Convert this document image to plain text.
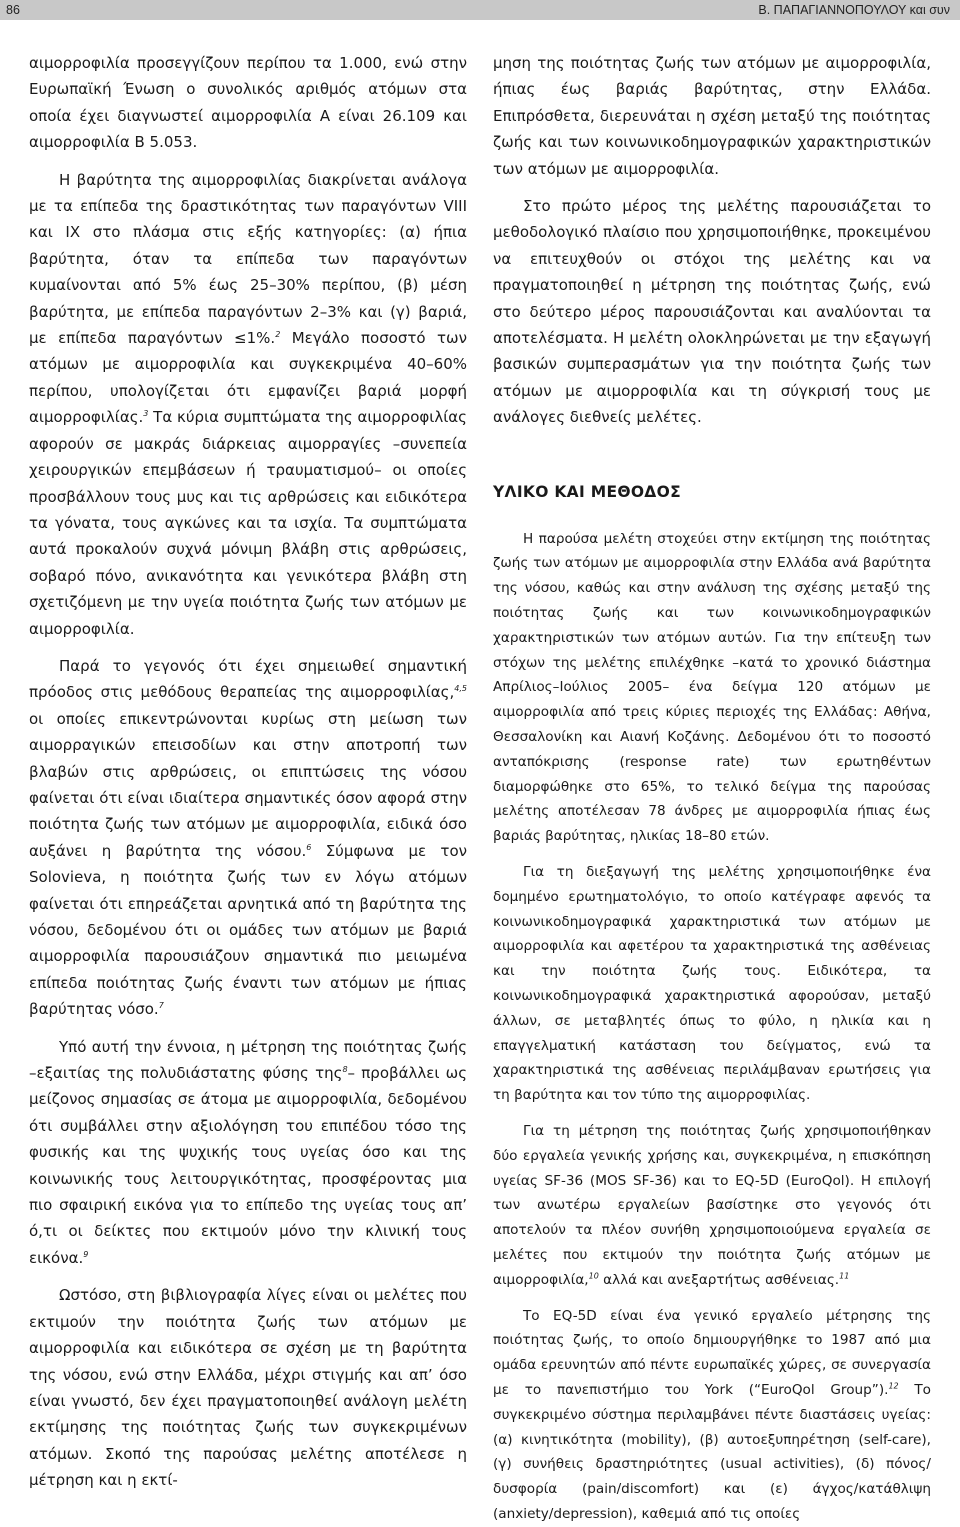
86	Β. ΠΑΠΑΓΙΑΝΝΟΠΟΥΛΟΥ και συν

αιμορροφιλία προσεγγίζουν περίπου τα 1.000, ενώ στην Ευρωπαϊκή Ένωση ο συνολικός αριθμός ατόμων στα οποία έχει διαγνωστεί αιμορροφιλία Α είναι 26.109 και αιμορροφιλία Β 5.053.

Η βαρύτητα της αιμορροφιλίας διακρίνεται ανάλογα με τα επίπεδα της δραστικότητας των παραγόντων VIII και IX στο πλάσμα στις εξής κατηγορίες: (α) ήπια βαρύτητα, όταν τα επίπεδα των παραγόντων κυμαίνονται από 5% έως 25–30% περίπου, (β) μέση βαρύτητα, με επίπεδα παραγόντων 2–3% και (γ) βαριά, με επίπεδα παραγόντων ≤1%.$^2$ Μεγάλο ποσοστό των ατόμων με αιμορροφιλία και συγκεκριμένα 40–60% περίπου, υπολογίζεται ότι εμφανίζει βαριά μορφή αιμορροφιλίας.$^3$ Τα κύρια συμπτώματα της αιμορροφιλίας αφορούν σε μακράς διάρκειας αιμορραγίες –συνεπεία χειρουργικών επεμβάσεων ή τραυματισμού– οι οποίες προσβάλλουν τους μυς και τις αρθρώσεις και ειδικότερα τα γόνατα, τους αγκώνες και τα ισχία. Τα συμπτώματα αυτά προκαλούν συχνά μόνιμη βλάβη στις αρθρώσεις, σοβαρό πόνο, ανικανότητα και γενικότερα βλάβη στη σχετιζόμενη με την υγεία ποιότητα ζωής των ατόμων με αιμορροφιλία.

Παρά το γεγονός ότι έχει σημειωθεί σημαντική πρόοδος στις μεθόδους θεραπείας της αιμορροφιλίας,$^{4,5}$ οι οποίες επικεντρώνονται κυρίως στη μείωση των αιμορραγικών επεισοδίων και στην αποτροπή των βλαβών στις αρθρώσεις, οι επιπτώσεις της νόσου φαίνεται ότι είναι ιδιαίτερα σημαντικές όσον αφορά στην ποιότητα ζωής των ατόμων με αιμορροφιλία, ειδικά όσο αυξάνει η βαρύτητα της νόσου.$^6$ Σύμφωνα με τον Solovieva, η ποιότητα ζωής των εν λόγω ατόμων φαίνεται ότι επηρεάζεται αρνητικά από τη βαρύτητα της νόσου, δεδομένου ότι οι ομάδες των ατόμων με βαριά αιμορροφιλία παρουσιάζουν σημαντικά πιο μειωμένα επίπεδα ποιότητας ζωής έναντι των ατόμων με ήπιας βαρύτητας νόσο.$^7$

Υπό αυτή την έννοια, η μέτρηση της ποιότητας ζωής –εξαιτίας της πολυδιάστατης φύσης της$^8$– προβάλλει ως μείζονος σημασίας σε άτομα με αιμορροφιλία, δεδομένου ότι συμβάλλει στην αξιολόγηση του επιπέδου τόσο της φυσικής και της ψυχικής τους υγείας όσο και της κοινωνικής τους λειτουργικότητας, προσφέροντας μια πιο σφαιρική εικόνα για το επίπεδο της υγείας τους απ’ ό,τι οι δείκτες που εκτιμούν μόνο την κλινική τους εικόνα.$^9$

Ωστόσο, στη βιβλιογραφία λίγες είναι οι μελέτες που εκτιμούν την ποιότητα ζωής των ατόμων με αιμορροφιλία και ειδικότερα σε σχέση με τη βαρύτητα της νόσου, ενώ στην Ελλάδα, μέχρι στιγμής και απ’ όσο είναι γνωστό, δεν έχει πραγματοποιηθεί ανάλογη μελέτη εκτίμησης της ποιότητας ζωής των συγκεκριμένων ατόμων. Σκοπό της παρούσας μελέτης αποτέλεσε η μέτρηση και η εκτί-

μηση της ποιότητας ζωής των ατόμων με αιμορροφιλία, ήπιας έως βαριάς βαρύτητας, στην Ελλάδα. Επιπρόσθετα, διερευνάται η σχέση μεταξύ της ποιότητας ζωής και των κοινωνικοδημογραφικών χαρακτηριστικών των ατόμων με αιμορροφιλία.

Στο πρώτο μέρος της μελέτης παρουσιάζεται το μεθοδολογικό πλαίσιο που χρησιμοποιήθηκε, προκειμένου να επιτευχθούν οι στόχοι της μελέτης και να πραγματοποιηθεί η μέτρηση της ποιότητας ζωής, ενώ στο δεύτερο μέρος παρουσιάζονται και αναλύονται τα αποτελέσματα. Η μελέτη ολοκληρώνεται με την εξαγωγή βασικών συμπερασμάτων για την ποιότητα ζωής των ατόμων με αιμορροφιλία και τη σύγκρισή τους με ανάλογες διεθνείς μελέτες.

ΥΛΙΚΟ ΚΑΙ ΜΕΘΟΔΟΣ

Η παρούσα μελέτη στοχεύει στην εκτίμηση της ποιότητας ζωής των ατόμων με αιμορροφιλία στην Ελλάδα ανά βαρύτητα της νόσου, καθώς και στην ανάλυση της σχέσης μεταξύ της ποιότητας ζωής και των κοινωνικοδημογραφικών χαρακτηριστικών των ατόμων αυτών. Για την επίτευξη των στόχων της μελέτης επιλέχθηκε –κατά το χρονικό διάστημα Απρίλιος–Ιούλιος 2005– ένα δείγμα 120 ατόμων με αιμορροφιλία από τρεις κύριες περιοχές της Ελλάδας: Αθήνα, Θεσσαλονίκη και Αιανή Κοζάνης. Δεδομένου ότι το ποσοστό ανταπόκρισης (response rate) των ερωτηθέντων διαμορφώθηκε στο 65%, το τελικό δείγμα της παρούσας μελέτης αποτέλεσαν 78 άνδρες με αιμορροφιλία ήπιας έως βαριάς βαρύτητας, ηλικίας 18–80 ετών.

Για τη διεξαγωγή της μελέτης χρησιμοποιήθηκε ένα δομημένο ερωτηματολόγιο, το οποίο κατέγραφε αφενός τα κοινωνικοδημογραφικά χαρακτηριστικά των ατόμων με αιμορροφιλία και αφετέρου τα χαρακτηριστικά της ασθένειας και την ποιότητα ζωής τους. Ειδικότερα, τα κοινωνικοδημογραφικά χαρακτηριστικά αφορούσαν, μεταξύ άλλων, σε μεταβλητές όπως το φύλο, η ηλικία και η επαγγελματική κατάσταση του δείγματος, ενώ τα χαρακτηριστικά της ασθένειας περιλάμβαναν ερωτήσεις για τη βαρύτητα και τον τύπο της αιμορροφιλίας.

Για τη μέτρηση της ποιότητας ζωής χρησιμοποιήθηκαν δύο εργαλεία γενικής χρήσης και, συγκεκριμένα, η επισκόπηση υγείας SF-36 (MOS SF-36) και το EQ-5D (EuroQol). Η επιλογή των ανωτέρω εργαλείων βασίστηκε στο γεγονός ότι αποτελούν τα πλέον συνήθη χρησιμοποιούμενα εργαλεία σε μελέτες που εκτιμούν την ποιότητα ζωής ατόμων με αιμορροφιλία,$^{10}$ αλλά και ανεξαρτήτως ασθένειας.$^{11}$

Το EQ-5D είναι ένα γενικό εργαλείο μέτρησης της ποιότητας ζωής, το οποίο δημιουργήθηκε το 1987 από μια ομάδα ερευνητών από πέντε ευρωπαϊκές χώρες, σε συνεργασία με το πανεπιστήμιο του York (“EuroQol Group”).$^{12}$ Το συγκεκριμένο σύστημα περιλαμβάνει πέντε διαστάσεις υγείας: (α) κινητικότητα (mobility), (β) αυτοεξυπηρέτηση (self-care), (γ) συνήθεις δραστηριότητες (usual activities), (δ) πόνος/δυσφορία (pain/discomfort) και (ε) άγχος/κατάθλιψη (anxiety/depression), καθεμιά από τις οποίες
